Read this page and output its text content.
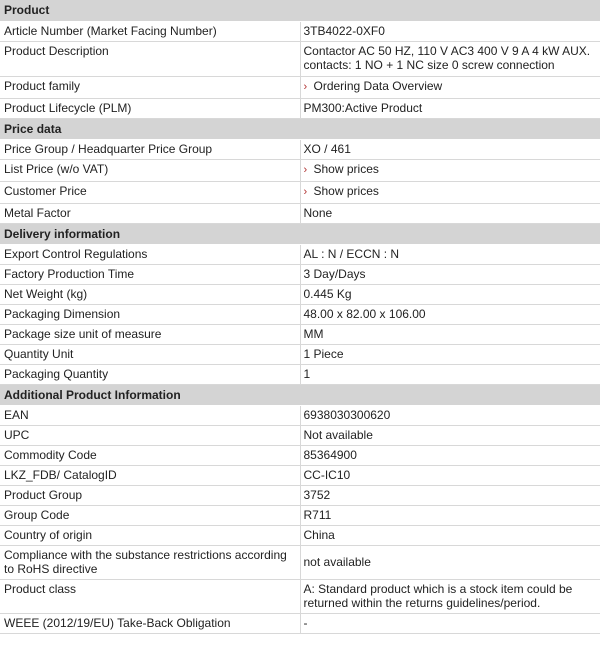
Product	
Article Number (Market Facing Number)	3TB4022-0XF0
Product Description	Contactor AC 50 HZ, 110 V AC3 400 V 9 A 4 kW AUX. contacts: 1 NO + 1 NC size 0 screw connection
Product family	› Ordering Data Overview
Product Lifecycle (PLM)	PM300:Active Product
Price data	
Price Group / Headquarter Price Group	XO / 461
List Price (w/o VAT)	› Show prices
Customer Price	› Show prices
Metal Factor	None
Delivery information	
Export Control Regulations	AL : N / ECCN : N
Factory Production Time	3 Day/Days
Net Weight (kg)	0.445 Kg
Packaging Dimension	48.00 x 82.00 x 106.00
Package size unit of measure	MM
Quantity Unit	1 Piece
Packaging Quantity	1
Additional Product Information	
EAN	6938030300620
UPC	Not available
Commodity Code	85364900
LKZ_FDB/ CatalogID	CC-IC10
Product Group	3752
Group Code	R711
Country of origin	China
Compliance with the substance restrictions according to RoHS directive	not available
Product class	A: Standard product which is a stock item could be returned within the returns guidelines/period.
WEEE (2012/19/EU) Take-Back Obligation	-
